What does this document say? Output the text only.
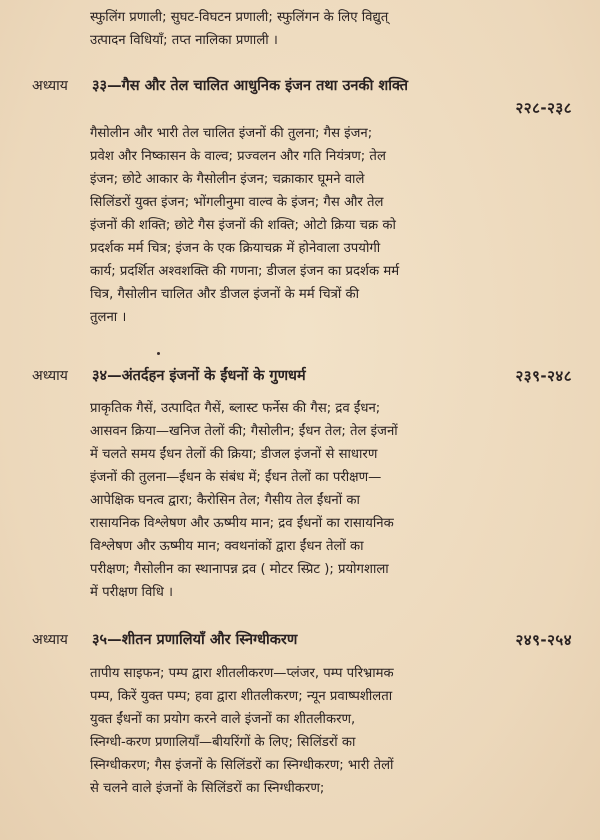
स्फुलिंग प्रणाली; सुघट-विघटन प्रणाली; स्फुलिंगन के लिए विद्युत्

उत्पादन विधियाँ; तप्त नालिका प्रणाली ।

अध्याय ३३—गैस और तेल चालित आधुनिक इंजन तथा उनकी शक्ति
२२८-२३८

गैसोलीन और भारी तेल चालित इंजनों की तुलना; गैस इंजन;

प्रवेश और निष्कासन के वाल्व; प्रज्वलन और गति नियंत्रण; तेल

इंजन; छोटे आकार के गैसोलीन इंजन; चक्राकार घूमने वाले

सिलिंडरों युक्त इंजन; भोंगलीनुमा वाल्व के इंजन; गैस और तेल

इंजनों की शक्ति; छोटे गैस इंजनों की शक्ति; ओटो क्रिया चक्र को

प्रदर्शक मर्म चित्र; इंजन के एक क्रियाचक्र में होनेवाला उपयोगी

कार्य; प्रदर्शित अश्वशक्ति की गणना; डीजल इंजन का प्रदर्शक मर्म

चित्र, गैसोलीन चालित और डीजल इंजनों के मर्म चित्रों की

तुलना ।

अध्याय ३४—अंतर्दहन इंजनों के ईंधनों के गुणधर्म	२३९-२४८

प्राकृतिक गैसें, उत्पादित गैसें, ब्लास्ट फर्नेस की गैस; द्रव ईंधन;

आसवन क्रिया—खनिज तेलों की; गैसोलीन; ईंधन तेल; तेल इंजनों

में चलते समय ईंधन तेलों की क्रिया; डीजल इंजनों से साधारण

इंजनों की तुलना—ईंधन के संबंध में; ईंधन तेलों का परीक्षण—

आपेक्षिक घनत्व द्वारा; कैरोसिन तेल; गैसीय तेल ईंधनों का

रासायनिक विश्लेषण और ऊष्मीय मान; द्रव ईंधनों का रासायनिक

विश्लेषण और ऊष्मीय मान; क्वथनांकों द्वारा ईंधन तेलों का

परीक्षण; गैसोलीन का स्थानापन्न द्रव ( मोटर स्प्रिट ); प्रयोगशाला

में परीक्षण विधि ।

अध्याय ३५—शीतन प्रणालियाँ और स्निग्धीकरण	२४९-२५४

तापीय साइफन; पम्प द्वारा शीतलीकरण—प्लंजर, पम्प परिभ्रामक

पम्प, किरें युक्त पम्प; हवा द्वारा शीतलीकरण; न्यून प्रवाष्पशीलता

युक्त ईंधनों का प्रयोग करने वाले इंजनों का शीतलीकरण,

स्निग्धी-करण प्रणालियाँ—बीयरिंगों के लिए; सिलिंडरों का

स्निग्धीकरण; गैस इंजनों के सिलिंडरों का स्निग्धीकरण; भारी तेलों

से चलने वाले इंजनों के सिलिंडरों का स्निग्धीकरण;
